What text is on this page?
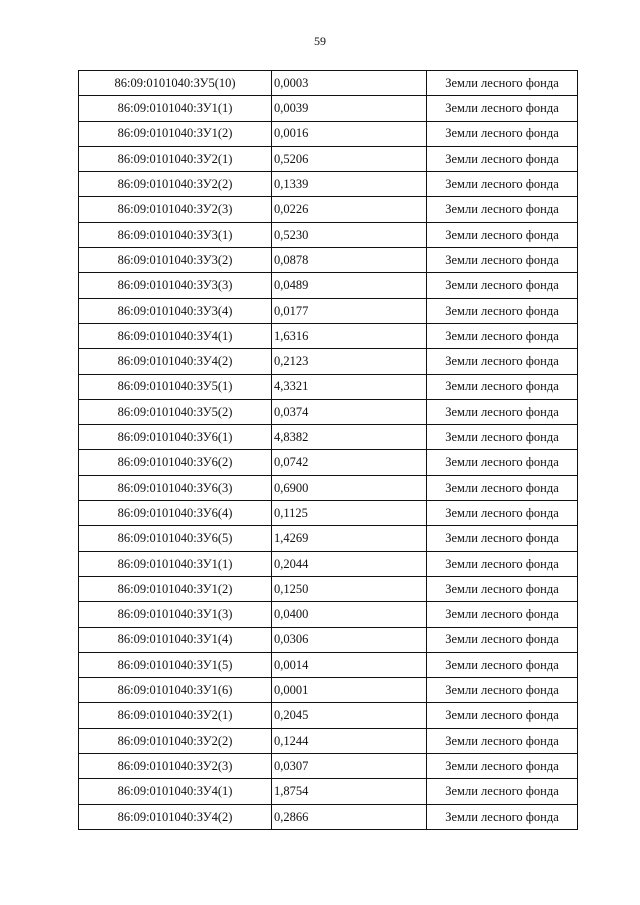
59
86:09:0101040:ЗУ5(10)	0,0003	Земли лесного фонда
86:09:0101040:ЗУ1(1)	0,0039	Земли лесного фонда
86:09:0101040:ЗУ1(2)	0,0016	Земли лесного фонда
86:09:0101040:ЗУ2(1)	0,5206	Земли лесного фонда
86:09:0101040:ЗУ2(2)	0,1339	Земли лесного фонда
86:09:0101040:ЗУ2(3)	0,0226	Земли лесного фонда
86:09:0101040:ЗУ3(1)	0,5230	Земли лесного фонда
86:09:0101040:ЗУ3(2)	0,0878	Земли лесного фонда
86:09:0101040:ЗУ3(3)	0,0489	Земли лесного фонда
86:09:0101040:ЗУ3(4)	0,0177	Земли лесного фонда
86:09:0101040:ЗУ4(1)	1,6316	Земли лесного фонда
86:09:0101040:ЗУ4(2)	0,2123	Земли лесного фонда
86:09:0101040:ЗУ5(1)	4,3321	Земли лесного фонда
86:09:0101040:ЗУ5(2)	0,0374	Земли лесного фонда
86:09:0101040:ЗУ6(1)	4,8382	Земли лесного фонда
86:09:0101040:ЗУ6(2)	0,0742	Земли лесного фонда
86:09:0101040:ЗУ6(3)	0,6900	Земли лесного фонда
86:09:0101040:ЗУ6(4)	0,1125	Земли лесного фонда
86:09:0101040:ЗУ6(5)	1,4269	Земли лесного фонда
86:09:0101040:ЗУ1(1)	0,2044	Земли лесного фонда
86:09:0101040:ЗУ1(2)	0,1250	Земли лесного фонда
86:09:0101040:ЗУ1(3)	0,0400	Земли лесного фонда
86:09:0101040:ЗУ1(4)	0,0306	Земли лесного фонда
86:09:0101040:ЗУ1(5)	0,0014	Земли лесного фонда
86:09:0101040:ЗУ1(6)	0,0001	Земли лесного фонда
86:09:0101040:ЗУ2(1)	0,2045	Земли лесного фонда
86:09:0101040:ЗУ2(2)	0,1244	Земли лесного фонда
86:09:0101040:ЗУ2(3)	0,0307	Земли лесного фонда
86:09:0101040:ЗУ4(1)	1,8754	Земли лесного фонда
86:09:0101040:ЗУ4(2)	0,2866	Земли лесного фонда
